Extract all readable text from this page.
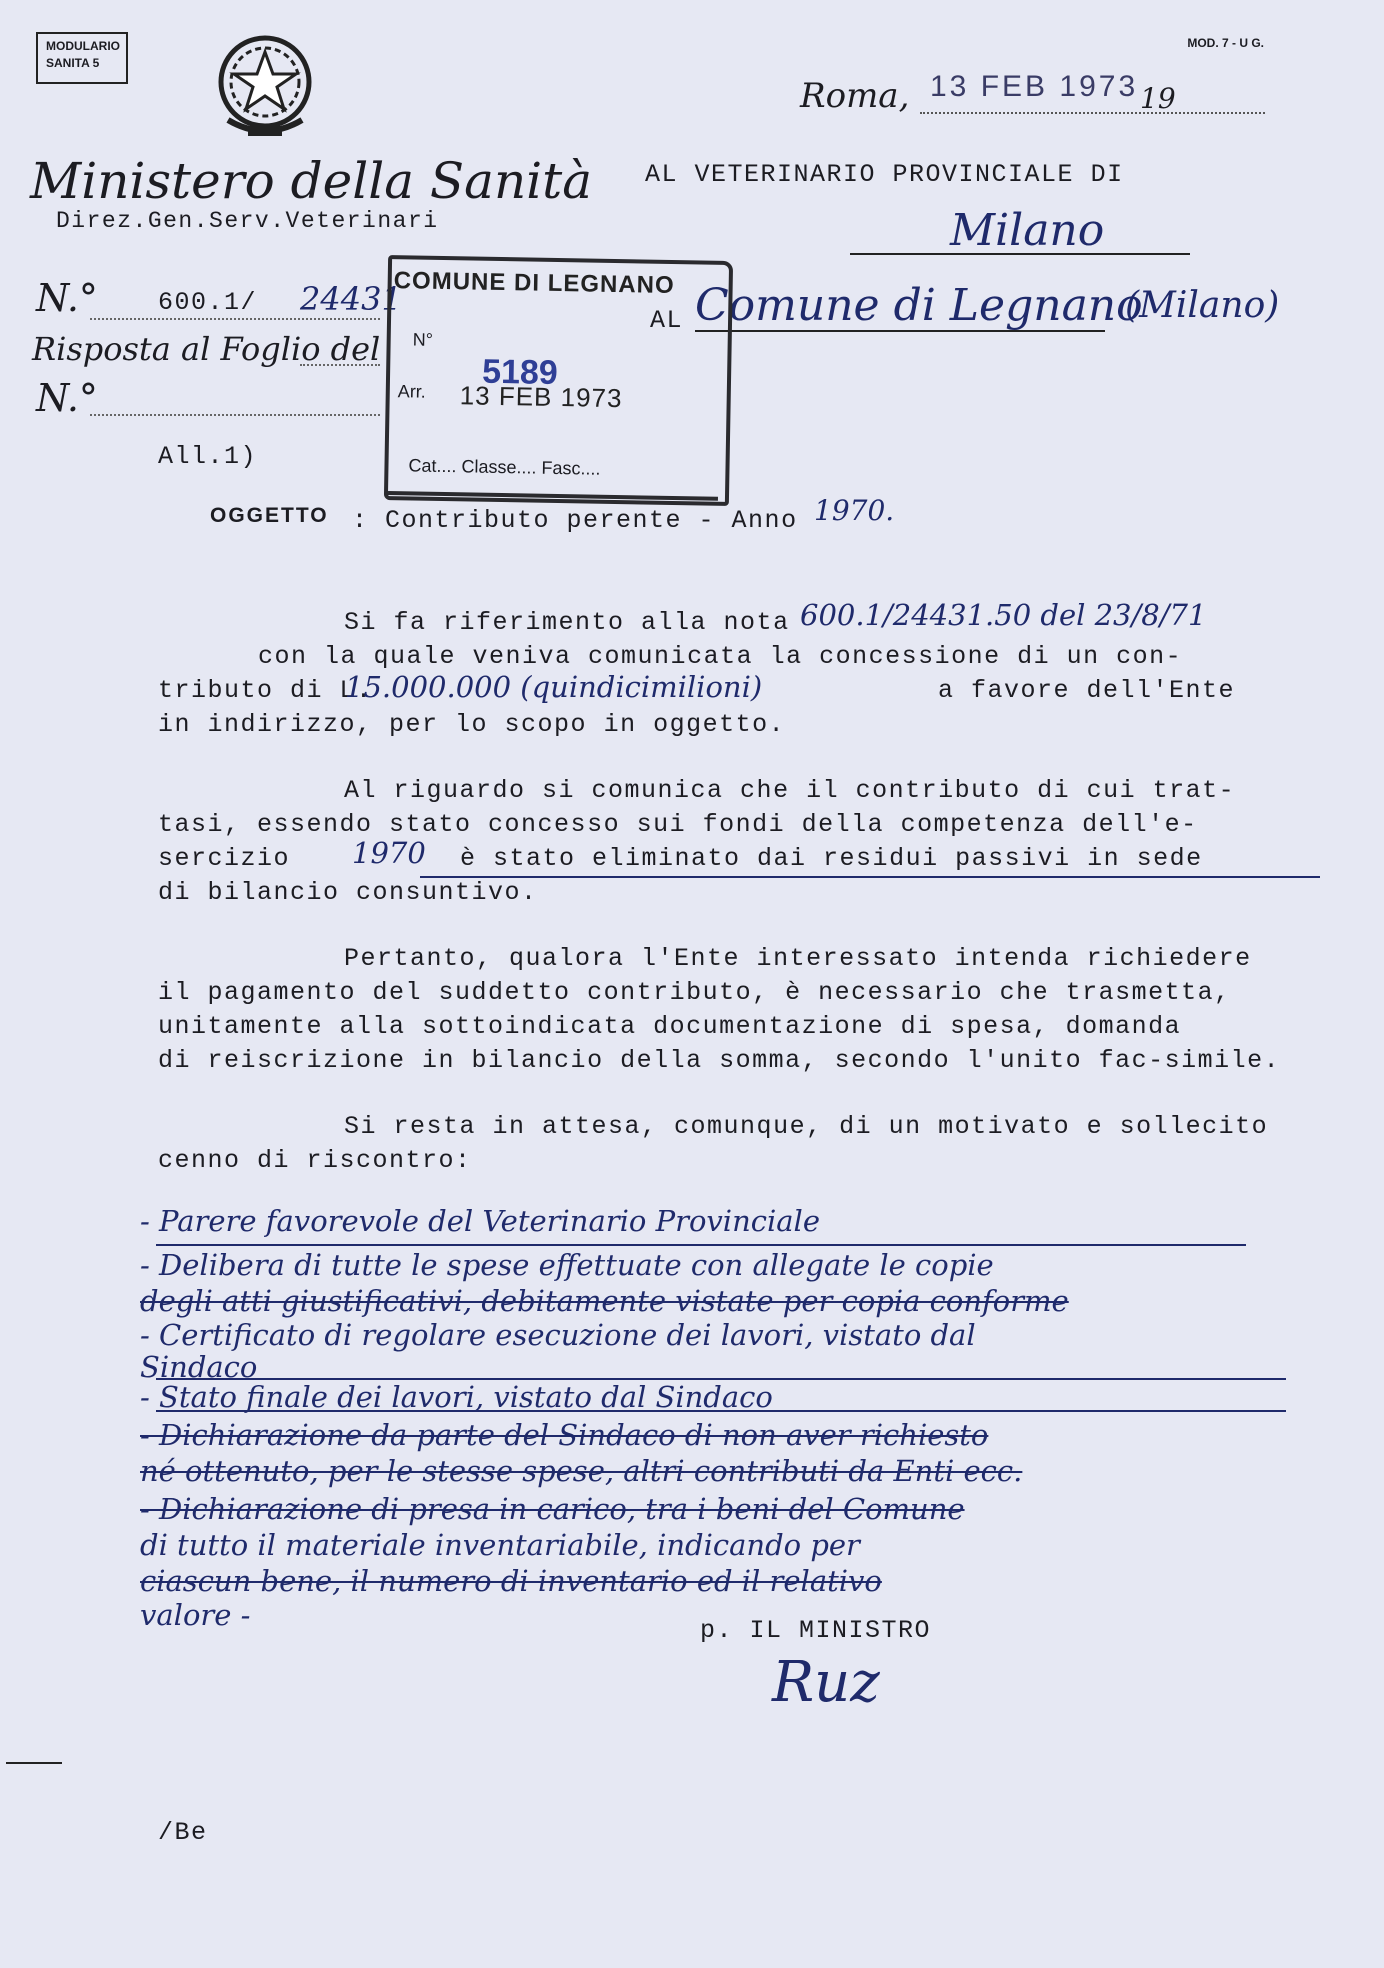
MODULARIO
SANITA 5
MOD. 7 - U G.
Roma, 13 FEB 1973 19
Ministero della Sanità
Direz.Gen.Serv.Veterinari
AL VETERINARIO PROVINCIALE DI
Milano
N.° 600.1/ 24431
Risposta al Foglio del
N.°
All.1)
AL Comune di Legnano
(Milano)
COMUNE DI LEGNANO
N°
5189
Arr. 13 FEB 1973
Cat.... Classe.... Fasc....
OGGETTO : Contributo perente - Anno 1970.
Si fa riferimento alla nota 600.1/24431.50 del 23/8/71
con la quale veniva comunicata la concessione di un con-
tributo di L.
15.000.000 (quindicimilioni)	a favore dell'Ente
in indirizzo, per lo scopo in oggetto.
Al riguardo si comunica che il contributo di cui trat-
tasi, essendo stato concesso sui fondi della competenza dell'e-
sercizio 1970 è stato eliminato dai residui passivi in sede
di bilancio consuntivo.
Pertanto, qualora l'Ente interessato intenda richiedere
il pagamento del suddetto contributo, è necessario che trasmetta,
unitamente alla sottoindicata documentazione di spesa, domanda
di reiscrizione in bilancio della somma, secondo l'unito fac-simile.
Si resta in attesa, comunque, di un motivato e sollecito
cenno di riscontro:
- Parere favorevole del Veterinario Provinciale
- Delibera di tutte le spese effettuate con allegate le copie
degli atti giustificativi, debitamente vistate per copia conforme
- Certificato di regolare esecuzione dei lavori, vistato dal
Sindaco
- Stato finale dei lavori, vistato dal Sindaco
- Dichiarazione da parte del Sindaco di non aver richiesto
né ottenuto, per le stesse spese, altri contributi da Enti ecc.
- Dichiarazione di presa in carico, tra i beni del Comune
di tutto il materiale inventariabile, indicando per
ciascun bene, il numero di inventario ed il relativo
valore -	p. IL MINISTRO
Ruz
/Be
